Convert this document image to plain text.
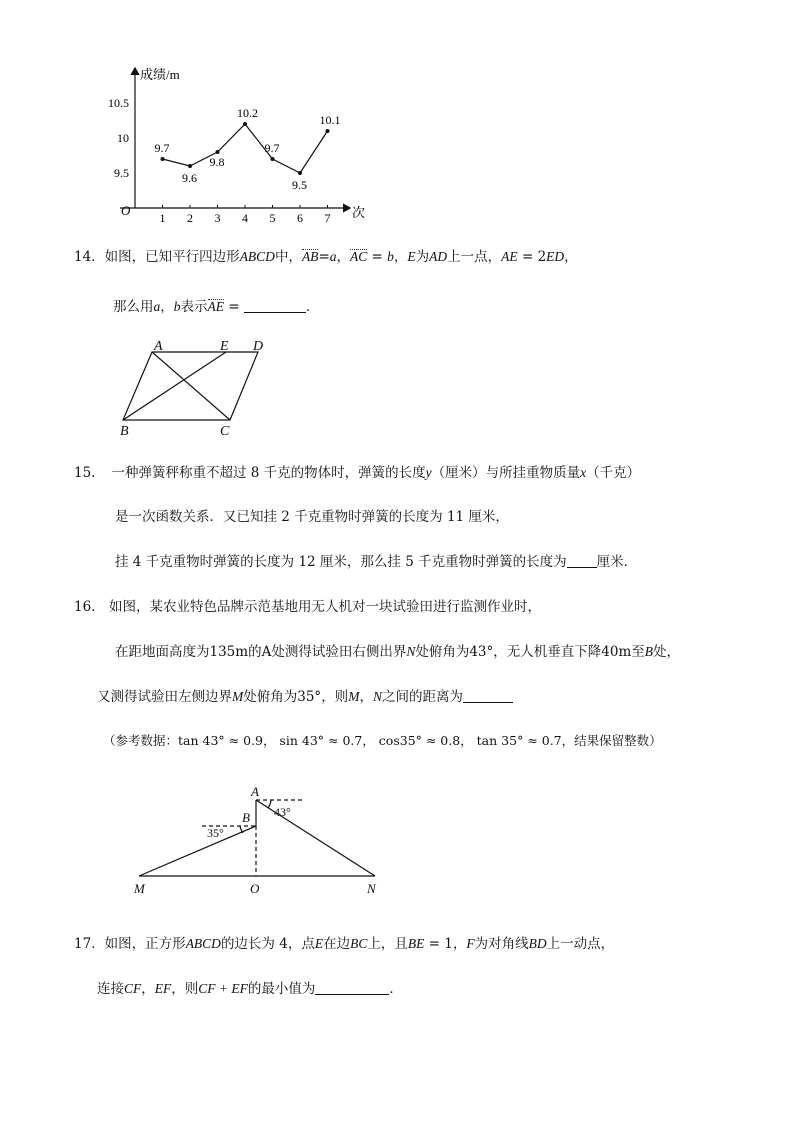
成绩/m
次
O 1 2 3 4 5 6 7
9.5
10
10.5
9.7
9.6
9.8
10.2
9.7
9.5
10.1
14．如图，已知平行四边形ABCD中，AB=a，AC = b，E为AD上一点，AE = 2ED，
那么用a，b表示AE =	．
A	E D
B	C
15. 一种弹簧秤称重不超过 8 千克的物体时，弹簧的长度y（厘米）与所挂重物质量x（千克）
是一次函数关系．又已知挂 2 千克重物时弹簧的长度为 11 厘米，
挂 4 千克重物时弹簧的长度为 12 厘米，那么挂 5 千克重物时弹簧的长度为 厘米．
16． 如图，某农业特色品牌示范基地用无人机对一块试验田进行监测作业时，
在距地面高度为135m的A处测得试验田右侧出界N处俯角为43°，无人机垂直下降40m至B处，
又测得试验田左侧边界M处俯角为35°，则M，N之间的距离为
（参考数据：tan 43° ≈ 0.9， sin 43° ≈ 0.7， cos35° ≈ 0.8， tan 35° ≈ 0.7，结果保留整数）
A
B
M	O	N
43°
35°
17．如图，正方形ABCD的边长为 4，点E在边BC上，且BE = 1，F为对角线BD上一动点，
连接CF，EF，则CF + EF的最小值为	．
